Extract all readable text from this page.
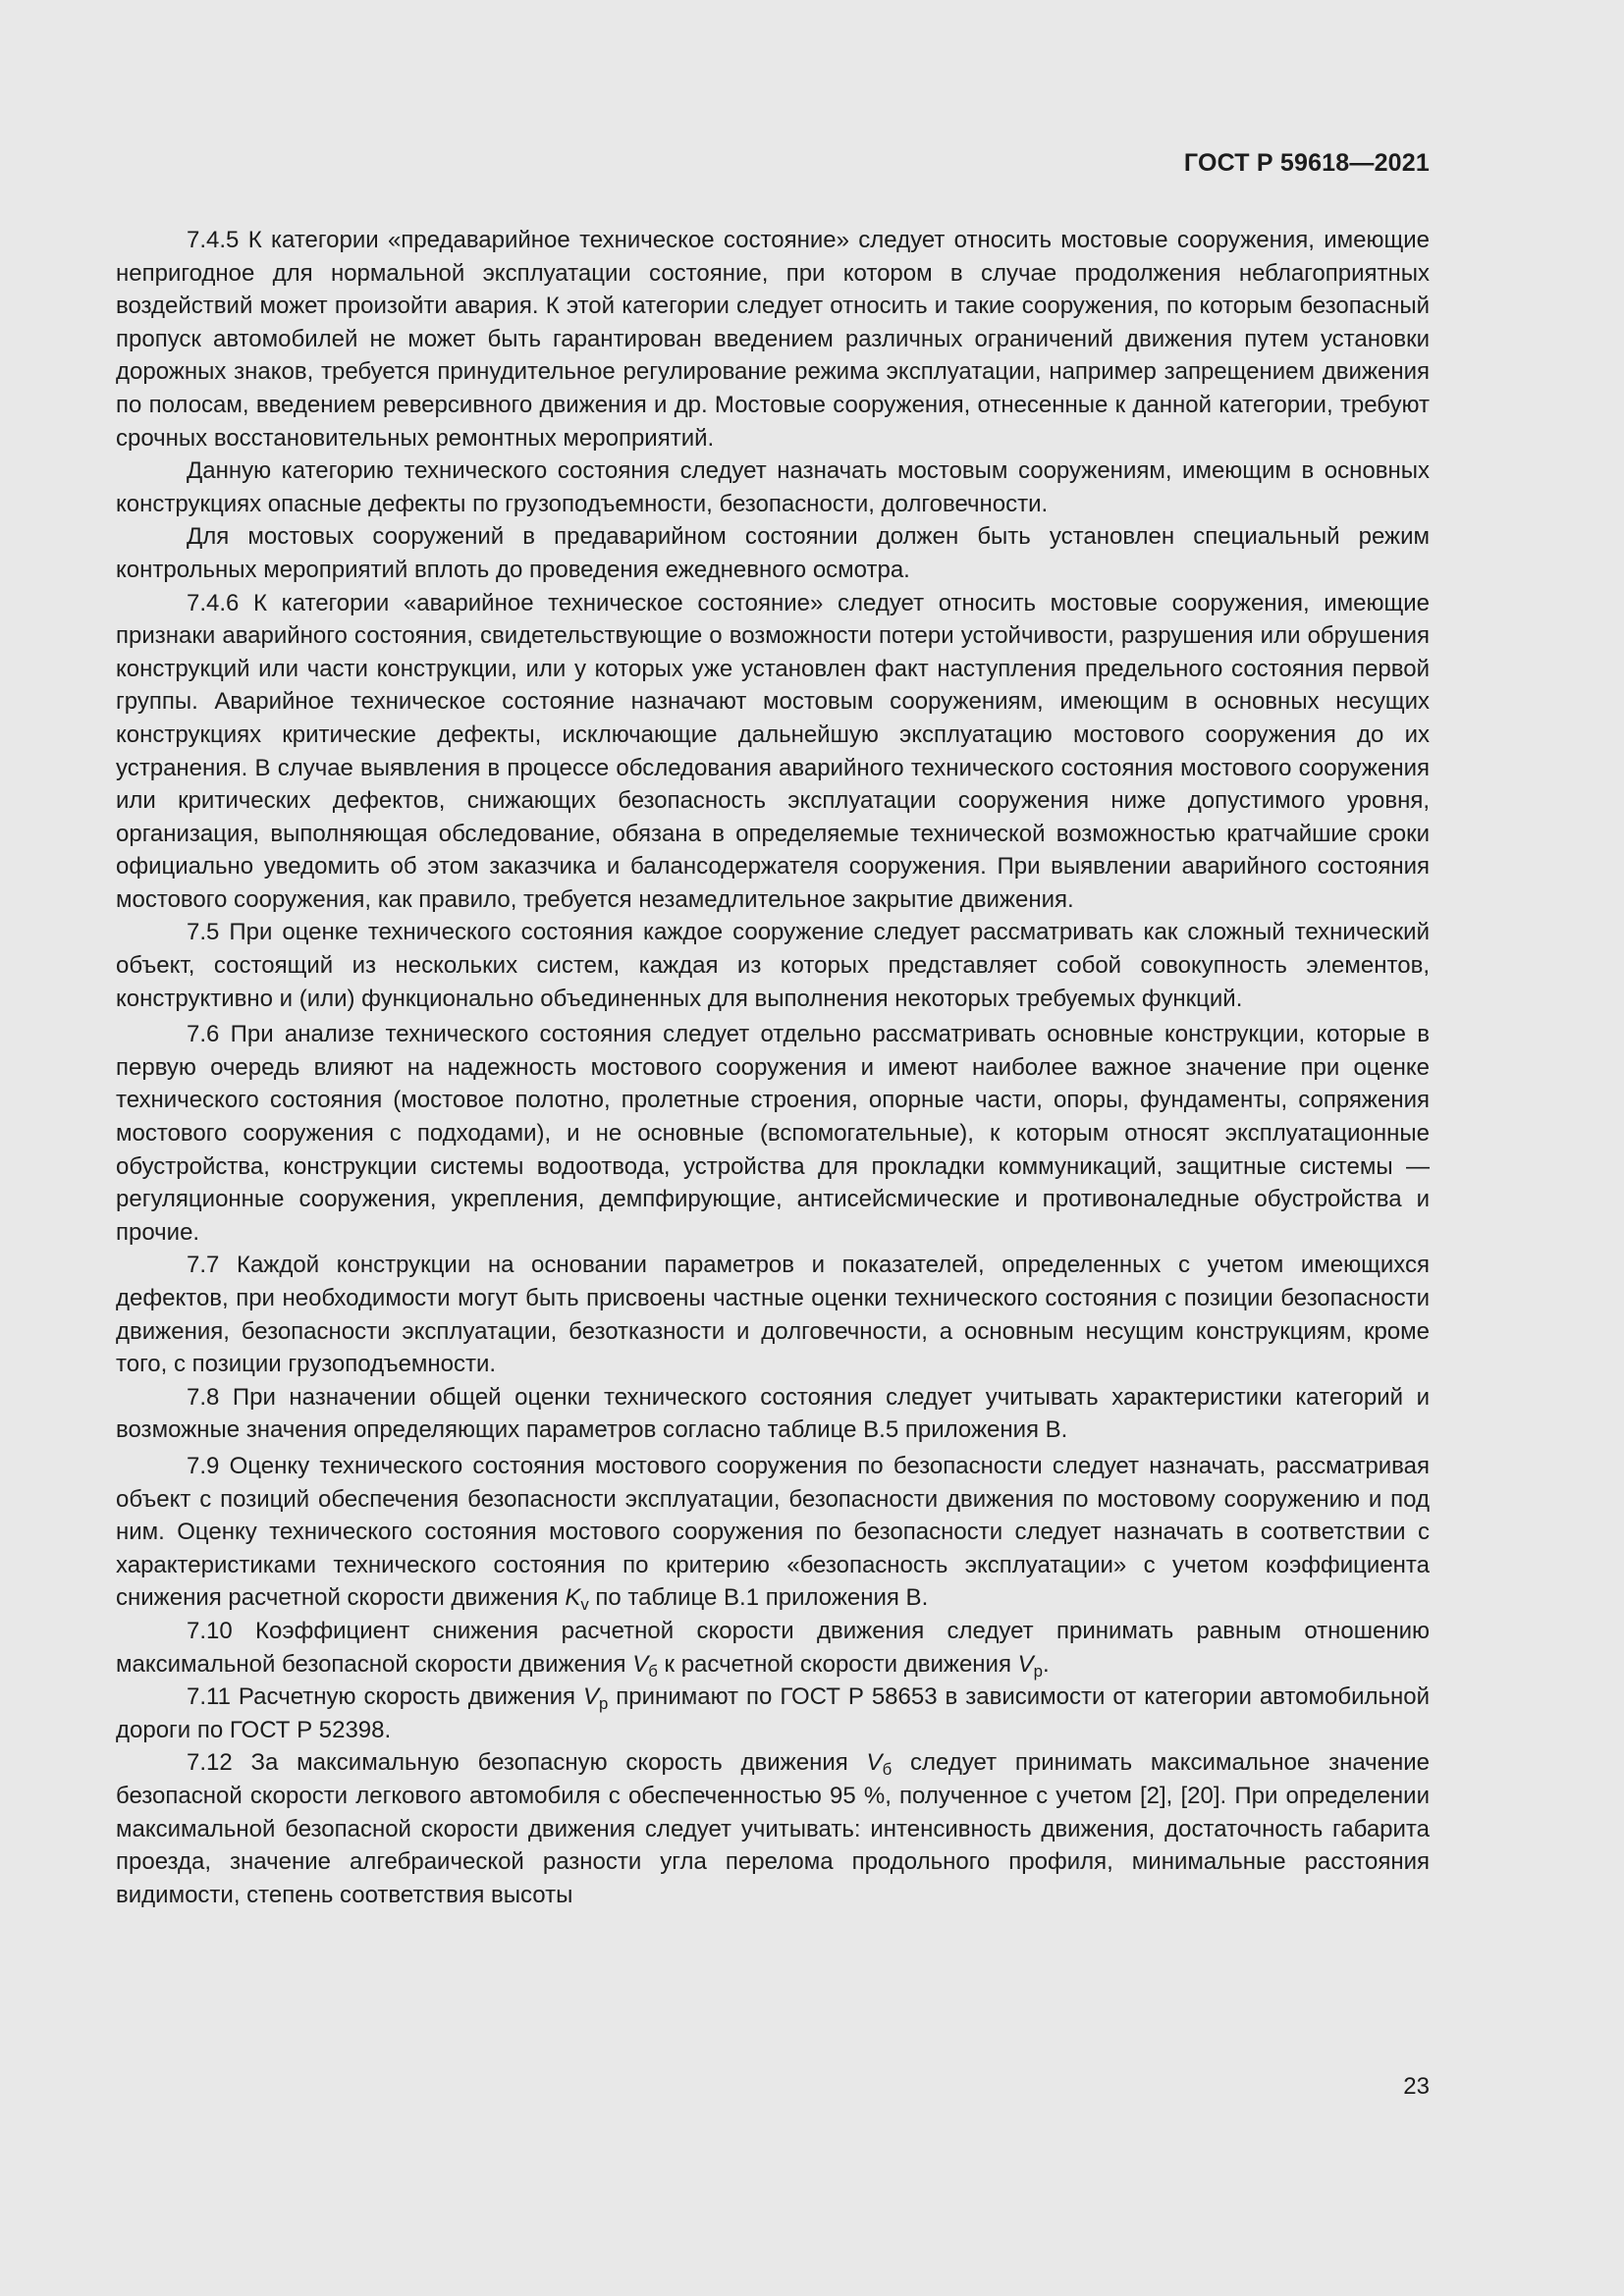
ГОСТ Р 59618—2021

7.4.5 К категории «предаварийное техническое состояние» следует относить мостовые сооружения, имеющие непригодное для нормальной эксплуатации состояние, при котором в случае продолжения неблагоприятных воздействий может произойти авария. К этой категории следует относить и такие сооружения, по которым безопасный пропуск автомобилей не может быть гарантирован введением различных ограничений движения путем установки дорожных знаков, требуется принудительное регулирование режима эксплуатации, например запрещением движения по полосам, введением реверсивного движения и др. Мостовые сооружения, отнесенные к данной категории, требуют срочных восстановительных ремонтных мероприятий.

Данную категорию технического состояния следует назначать мостовым сооружениям, имеющим в основных конструкциях опасные дефекты по грузоподъемности, безопасности, долговечности.

Для мостовых сооружений в предаварийном состоянии должен быть установлен специальный режим контрольных мероприятий вплоть до проведения ежедневного осмотра.

7.4.6 К категории «аварийное техническое состояние» следует относить мостовые сооружения, имеющие признаки аварийного состояния, свидетельствующие о возможности потери устойчивости, разрушения или обрушения конструкций или части конструкции, или у которых уже установлен факт наступления предельного состояния первой группы. Аварийное техническое состояние назначают мостовым сооружениям, имеющим в основных несущих конструкциях критические дефекты, исключающие дальнейшую эксплуатацию мостового сооружения до их устранения. В случае выявления в процессе обследования аварийного технического состояния мостового сооружения или критических дефектов, снижающих безопасность эксплуатации сооружения ниже допустимого уровня, организация, выполняющая обследование, обязана в определяемые технической возможностью кратчайшие сроки официально уведомить об этом заказчика и балансодержателя сооружения. При выявлении аварийного состояния мостового сооружения, как правило, требуется незамедлительное закрытие движения.

7.5 При оценке технического состояния каждое сооружение следует рассматривать как сложный технический объект, состоящий из нескольких систем, каждая из которых представляет собой совокупность элементов, конструктивно и (или) функционально объединенных для выполнения некоторых требуемых функций.

7.6 При анализе технического состояния следует отдельно рассматривать основные конструкции, которые в первую очередь влияют на надежность мостового сооружения и имеют наиболее важное значение при оценке технического состояния (мостовое полотно, пролетные строения, опорные части, опоры, фундаменты, сопряжения мостового сооружения с подходами), и не основные (вспомогательные), к которым относят эксплуатационные обустройства, конструкции системы водоотвода, устройства для прокладки коммуникаций, защитные системы — регуляционные сооружения, укрепления, демпфирующие, антисейсмические и противоналедные обустройства и прочие.

7.7 Каждой конструкции на основании параметров и показателей, определенных с учетом имеющихся дефектов, при необходимости могут быть присвоены частные оценки технического состояния с позиции безопасности движения, безопасности эксплуатации, безотказности и долговечности, а основным несущим конструкциям, кроме того, с позиции грузоподъемности.

7.8 При назначении общей оценки технического состояния следует учитывать характеристики категорий и возможные значения определяющих параметров согласно таблице В.5 приложения В.

7.9 Оценку технического состояния мостового сооружения по безопасности следует назначать, рассматривая объект с позиций обеспечения безопасности эксплуатации, безопасности движения по мостовому сооружению и под ним. Оценку технического состояния мостового сооружения по безопасности следует назначать в соответствии с характеристиками технического состояния по критерию «безопасность эксплуатации» с учетом коэффициента снижения расчетной скорости движения $K_v$ по таблице В.1 приложения В.

7.10 Коэффициент снижения расчетной скорости движения следует принимать равным отношению максимальной безопасной скорости движения $V_б$ к расчетной скорости движения $V_р$.

7.11 Расчетную скорость движения $V_р$ принимают по ГОСТ Р 58653 в зависимости от категории автомобильной дороги по ГОСТ Р 52398.

7.12 За максимальную безопасную скорость движения $V_б$ следует принимать максимальное значение безопасной скорости легкового автомобиля с обеспеченностью 95 %, полученное с учетом [2], [20]. При определении максимальной безопасной скорости движения следует учитывать: интенсивность движения, достаточность габарита проезда, значение алгебраической разности угла перелома продольного профиля, минимальные расстояния видимости, степень соответствия высоты

23
